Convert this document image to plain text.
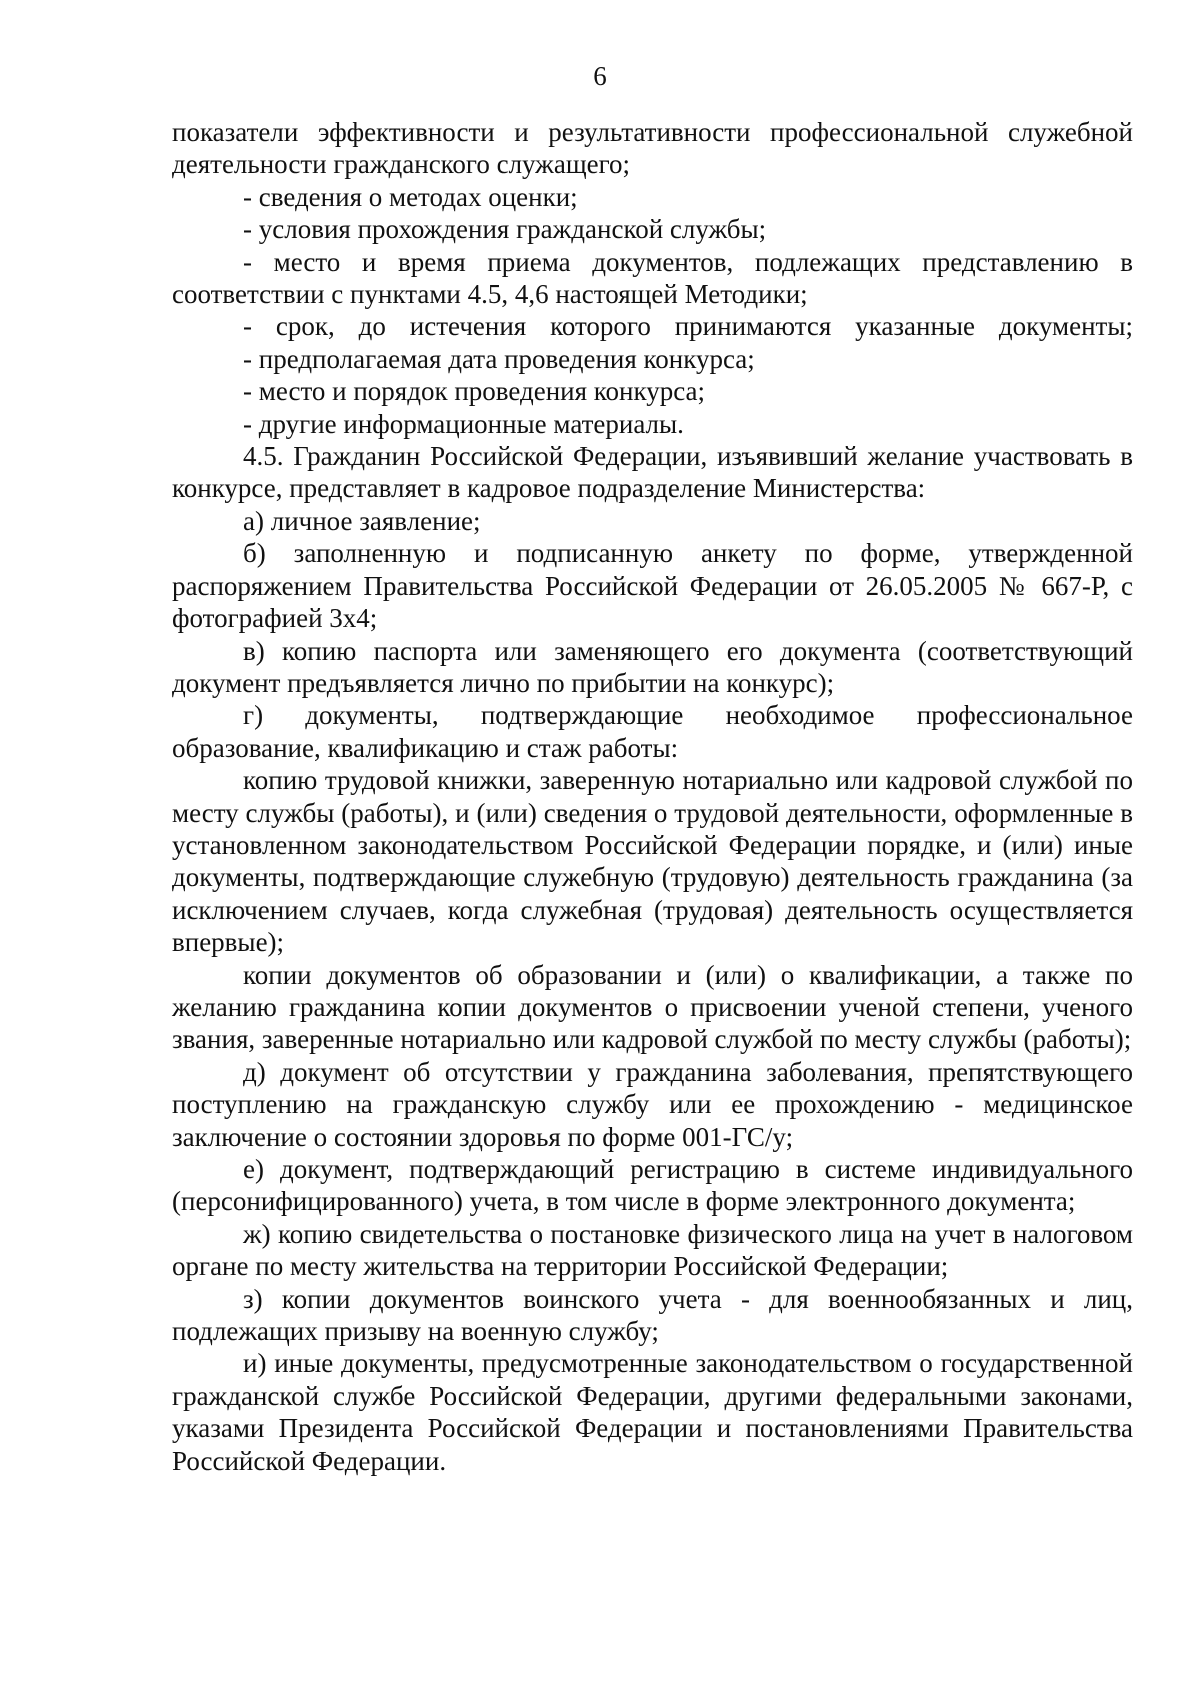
6

показатели эффективности и результативности профессиональной служебной деятельности гражданского служащего;

- сведения о методах оценки;

- условия прохождения гражданской службы;

- место и время приема документов, подлежащих представлению в соответствии с пунктами 4.5, 4,6 настоящей Методики;

- срок, до истечения которого принимаются указанные документы;

- предполагаемая дата проведения конкурса;

- место и порядок проведения конкурса;

- другие информационные материалы.

4.5. Гражданин Российской Федерации, изъявивший желание участвовать в конкурсе, представляет в кадровое подразделение Министерства:

а) личное заявление;

б) заполненную и подписанную анкету по форме, утвержденной распоряжением Правительства Российской Федерации от 26.05.2005 № 667-Р, с фотографией 3х4;

в) копию паспорта или заменяющего его документа (соответствующий документ предъявляется лично по прибытии на конкурс);

г) документы, подтверждающие необходимое профессиональное образование, квалификацию и стаж работы:

копию трудовой книжки, заверенную нотариально или кадровой службой по месту службы (работы), и (или) сведения о трудовой деятельности, оформленные в установленном законодательством Российской Федерации порядке, и (или) иные документы, подтверждающие служебную (трудовую) деятельность гражданина (за исключением случаев, когда служебная (трудовая) деятельность осуществляется впервые);

копии документов об образовании и (или) о квалификации, а также по желанию гражданина копии документов о присвоении ученой степени, ученого звания, заверенные нотариально или кадровой службой по месту службы (работы);

д) документ об отсутствии у гражданина заболевания, препятствующего поступлению на гражданскую службу или ее прохождению - медицинское заключение о состоянии здоровья по форме 001-ГС/у;

е) документ, подтверждающий регистрацию в системе индивидуального (персонифицированного) учета, в том числе в форме электронного документа;

ж) копию свидетельства о постановке физического лица на учет в налоговом органе по месту жительства на территории Российской Федерации;

з) копии документов воинского учета - для военнообязанных и лиц, подлежащих призыву на военную службу;

и) иные документы, предусмотренные законодательством о государственной гражданской службе Российской Федерации, другими федеральными законами, указами Президента Российской Федерации и постановлениями Правительства Российской Федерации.
